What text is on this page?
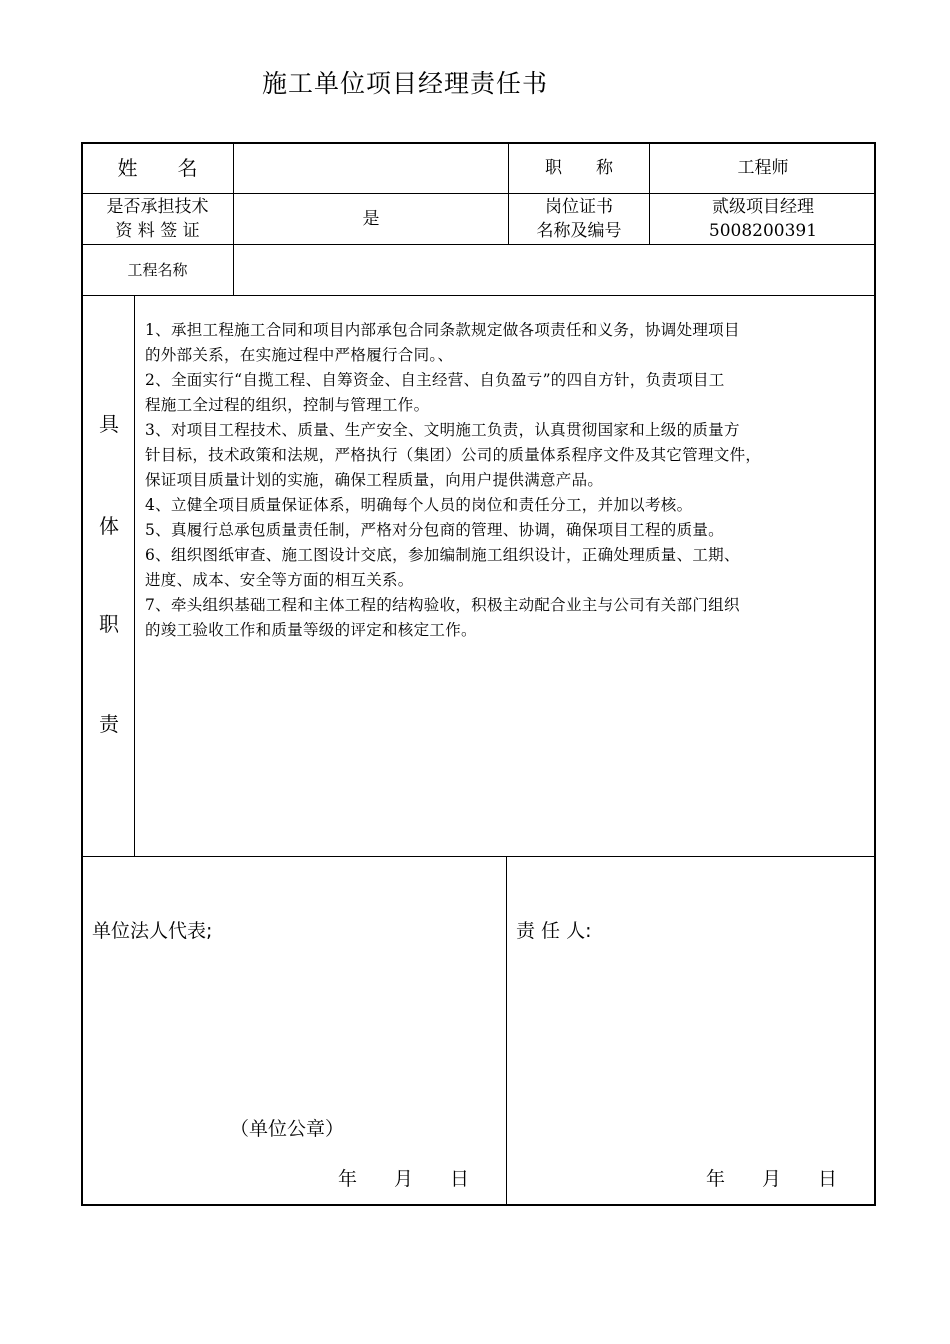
施工单位项目经理责任书
姓　　名	职　　称	工程师
是否承担技术
资 料 签 证
是
岗位证书
名称及编号
贰级项目经理
5008200391
工程名称
具
体
职
责
1、承担工程施工合同和项目内部承包合同条款规定做各项责任和义务，协调处理项目
的外部关系，在实施过程中严格履行合同。、
2、全面实行“自揽工程、自筹资金、自主经营、自负盈亏”的四自方针，负责项目工
程施工全过程的组织，控制与管理工作。
3、对项目工程技术、质量、生产安全、文明施工负责，认真贯彻国家和上级的质量方
针目标，技术政策和法规，严格执行（集团）公司的质量体系程序文件及其它管理文件，
保证项目质量计划的实施，确保工程质量，向用户提供满意产品。
4、立健全项目质量保证体系，明确每个人员的岗位和责任分工，并加以考核。
5、真履行总承包质量责任制，严格对分包商的管理、协调，确保项目工程的质量。
6、组织图纸审查、施工图设计交底，参加编制施工组织设计，正确处理质量、工期、
进度、成本、安全等方面的相互关系。
7、牵头组织基础工程和主体工程的结构验收，积极主动配合业主与公司有关部门组织
的竣工验收工作和质量等级的评定和核定工作。
单位法人代表;
（单位公章）
年 月 日
责 任 人:
年 月 日
